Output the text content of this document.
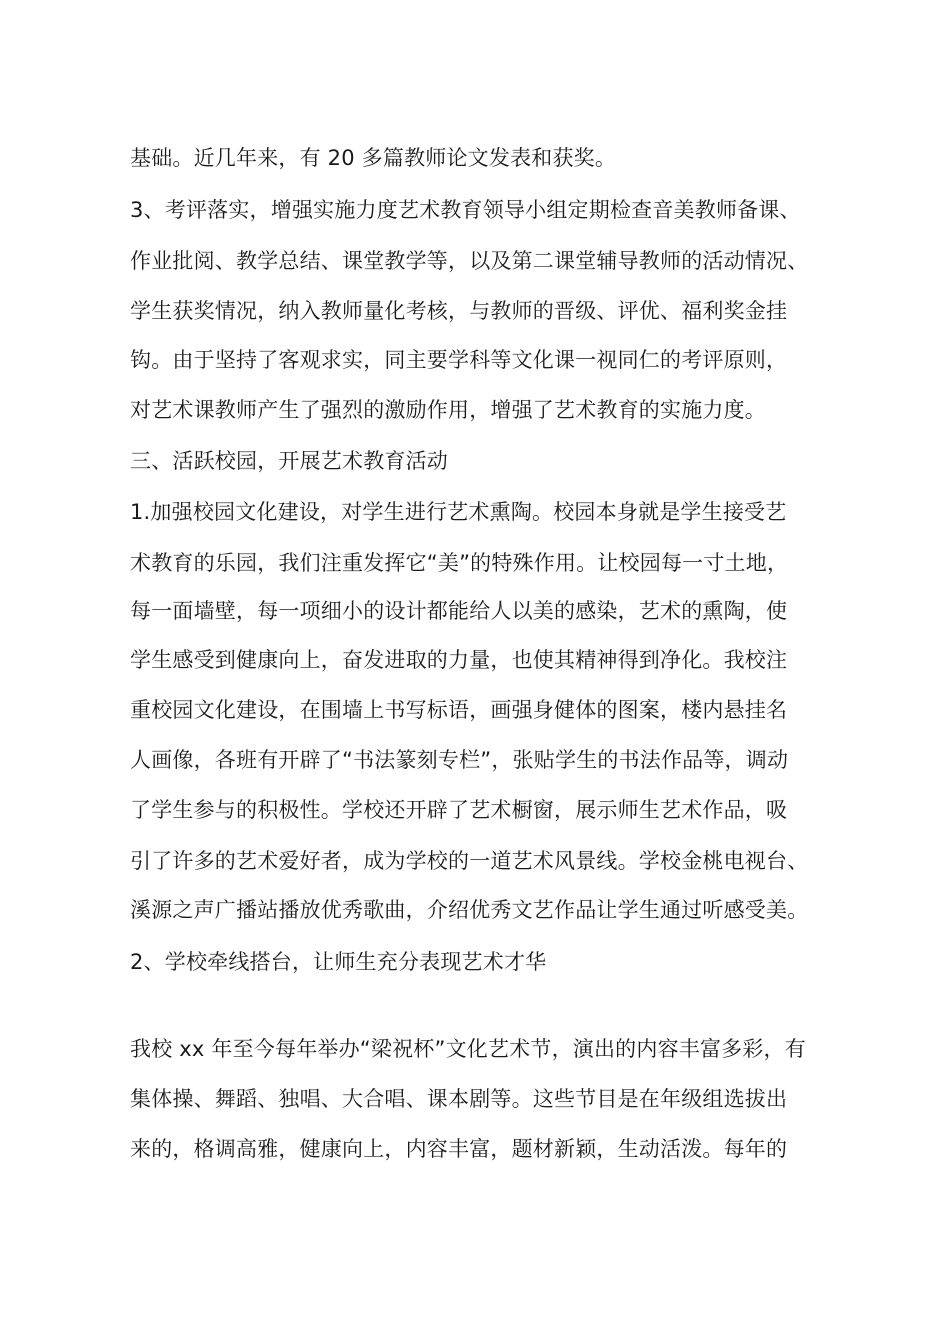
基础。近几年来，有 20 多篇教师论文发表和获奖。

3、考评落实，增强实施力度艺术教育领导小组定期检查音美教师备课、

作业批阅、教学总结、课堂教学等，以及第二课堂辅导教师的活动情况、

学生获奖情况，纳入教师量化考核，与教师的晋级、评优、福利奖金挂

钩。由于坚持了客观求实，同主要学科等文化课一视同仁的考评原则，

对艺术课教师产生了强烈的激励作用，增强了艺术教育的实施力度。

三、活跃校园，开展艺术教育活动

1.加强校园文化建设，对学生进行艺术熏陶。校园本身就是学生接受艺

术教育的乐园，我们注重发挥它“美”的特殊作用。让校园每一寸土地，

每一面墙壁，每一项细小的设计都能给人以美的感染，艺术的熏陶，使

学生感受到健康向上，奋发进取的力量，也使其精神得到净化。我校注

重校园文化建设，在围墙上书写标语，画强身健体的图案，楼内悬挂名

人画像，各班有开辟了“书法篆刻专栏”，张贴学生的书法作品等，调动

了学生参与的积极性。学校还开辟了艺术橱窗，展示师生艺术作品，吸

引了许多的艺术爱好者，成为学校的一道艺术风景线。学校金桃电视台、

溪源之声广播站播放优秀歌曲，介绍优秀文艺作品让学生通过听感受美。

2、学校牵线搭台，让师生充分表现艺术才华

我校 xx 年至今每年举办“梁祝杯”文化艺术节，演出的内容丰富多彩，有

集体操、舞蹈、独唱、大合唱、课本剧等。这些节目是在年级组选拔出

来的，格调高雅，健康向上，内容丰富，题材新颖，生动活泼。每年的
